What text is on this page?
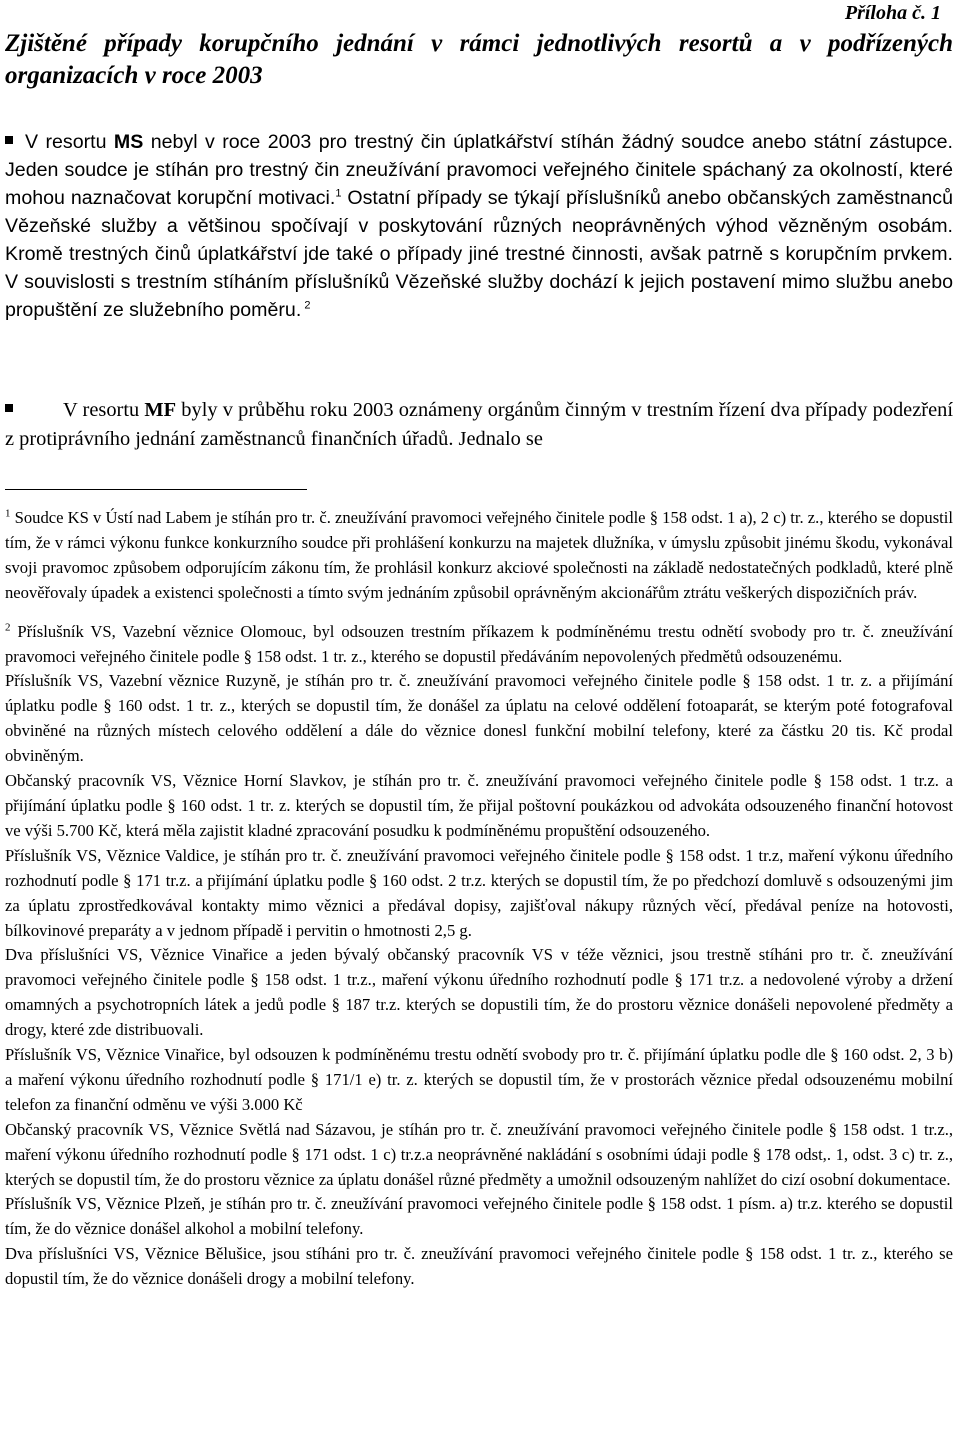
Příloha č. 1
Zjištěné případy korupčního jednání v rámci jednotlivých resortů a v podřízených organizacích v roce 2003
V resortu MS nebyl v roce 2003 pro trestný čin úplatkářství stíhán žádný soudce anebo státní zástupce. Jeden soudce je stíhán pro trestný čin zneužívání pravomoci veřejného činitele spáchaný za okolností, které mohou naznačovat korupční motivaci.$^1$ Ostatní případy se týkají příslušníků anebo občanských zaměstnanců Vězeňské služby a většinou spočívají v poskytování různých neoprávněných výhod vězněným osobám. Kromě trestných činů úplatkářství jde také o případy jiné trestné činnosti, avšak patrně s korupčním prvkem. V souvislosti s trestním stíháním příslušníků Vězeňské služby dochází k jejich postavení mimo službu anebo propuštění ze služebního poměru. $^2$
V resortu MF byly v průběhu roku 2003 oznámeny orgánům činným v trestním řízení dva případy podezření z protiprávního jednání zaměstnanců finančních úřadů. Jednalo se

$^1$ Soudce KS v Ústí nad Labem je stíhán pro tr. č. zneužívání pravomoci veřejného činitele podle § 158 odst. 1 a), 2 c) tr. z., kterého se dopustil tím, že v rámci výkonu funkce konkurzního soudce při prohlášení konkurzu na majetek dlužníka, v úmyslu způsobit jinému škodu, vykonával svoji pravomoc způsobem odporujícím zákonu tím, že prohlásil konkurz akciové společnosti na základě nedostatečných podkladů, které plně neověřovaly úpadek a existenci společnosti a tímto svým jednáním způsobil oprávněným akcionářům ztrátu veškerých dispozičních práv.

$^2$ Příslušník VS, Vazební věznice Olomouc, byl odsouzen trestním příkazem k podmíněnému trestu odnětí svobody pro tr. č. zneužívání pravomoci veřejného činitele podle § 158 odst. 1 tr. z., kterého se dopustil předáváním nepovolených předmětů odsouzenému.

Příslušník VS, Vazební věznice Ruzyně, je stíhán pro tr. č. zneužívání pravomoci veřejného činitele podle § 158 odst. 1 tr. z. a přijímání úplatku podle § 160 odst. 1 tr. z., kterých se dopustil tím, že donášel za úplatu na celové oddělení fotoaparát, se kterým poté fotografoval obviněné na různých místech celového oddělení a dále do věznice donesl funkční mobilní telefony, které za částku 20 tis. Kč prodal obviněným.

Občanský pracovník VS, Věznice Horní Slavkov, je stíhán pro tr. č. zneužívání pravomoci veřejného činitele podle § 158 odst. 1 tr.z. a přijímání úplatku podle § 160 odst. 1 tr. z. kterých se dopustil tím, že přijal poštovní poukázkou od advokáta odsouzeného finanční hotovost ve výši 5.700 Kč, která měla zajistit kladné zpracování posudku k podmíněnému propuštění odsouzeného.

Příslušník VS, Věznice Valdice, je stíhán pro tr. č. zneužívání pravomoci veřejného činitele podle § 158 odst. 1 tr.z, maření výkonu úředního rozhodnutí podle § 171 tr.z. a přijímání úplatku podle § 160 odst. 2 tr.z. kterých se dopustil tím, že po předchozí domluvě s odsouzenými jim za úplatu zprostředkovával kontakty mimo věznici a předával dopisy, zajišťoval nákupy různých věcí, předával peníze na hotovosti, bílkovinové preparáty a v jednom případě i pervitin o hmotnosti 2,5 g.

Dva příslušníci VS, Věznice Vinařice a jeden bývalý občanský pracovník VS v téže věznici, jsou trestně stíháni pro tr. č. zneužívání pravomoci veřejného činitele podle § 158 odst. 1 tr.z., maření výkonu úředního rozhodnutí podle § 171 tr.z. a nedovolené výroby a držení omamných a psychotropních látek a jedů podle § 187 tr.z. kterých se dopustili tím, že do prostoru věznice donášeli nepovolené předměty a drogy, které zde distribuovali.

Příslušník VS, Věznice Vinařice, byl odsouzen k podmíněnému trestu odnětí svobody pro tr. č. přijímání úplatku podle dle § 160 odst. 2, 3 b) a maření výkonu úředního rozhodnutí podle § 171/1 e) tr. z. kterých se dopustil tím, že v prostorách věznice předal odsouzenému mobilní telefon za finanční odměnu ve výši 3.000 Kč

Občanský pracovník VS, Věznice Světlá nad Sázavou, je stíhán pro tr. č. zneužívání pravomoci veřejného činitele podle § 158 odst. 1 tr.z., maření výkonu úředního rozhodnutí podle § 171 odst. 1 c) tr.z.a neoprávněné nakládání s osobními údaji podle § 178 odst,. 1, odst. 3 c) tr. z., kterých se dopustil tím, že do prostoru věznice za úplatu donášel různé předměty a umožnil odsouzeným nahlížet do cizí osobní dokumentace.

Příslušník VS, Věznice Plzeň, je stíhán pro tr. č. zneužívání pravomoci veřejného činitele podle § 158 odst. 1 písm. a) tr.z. kterého se dopustil tím, že do věznice donášel alkohol a mobilní telefony.

Dva příslušníci VS, Věznice Bělušice, jsou stíháni pro tr. č. zneužívání pravomoci veřejného činitele podle § 158 odst. 1 tr. z., kterého se dopustil tím, že do věznice donášeli drogy a mobilní telefony.
